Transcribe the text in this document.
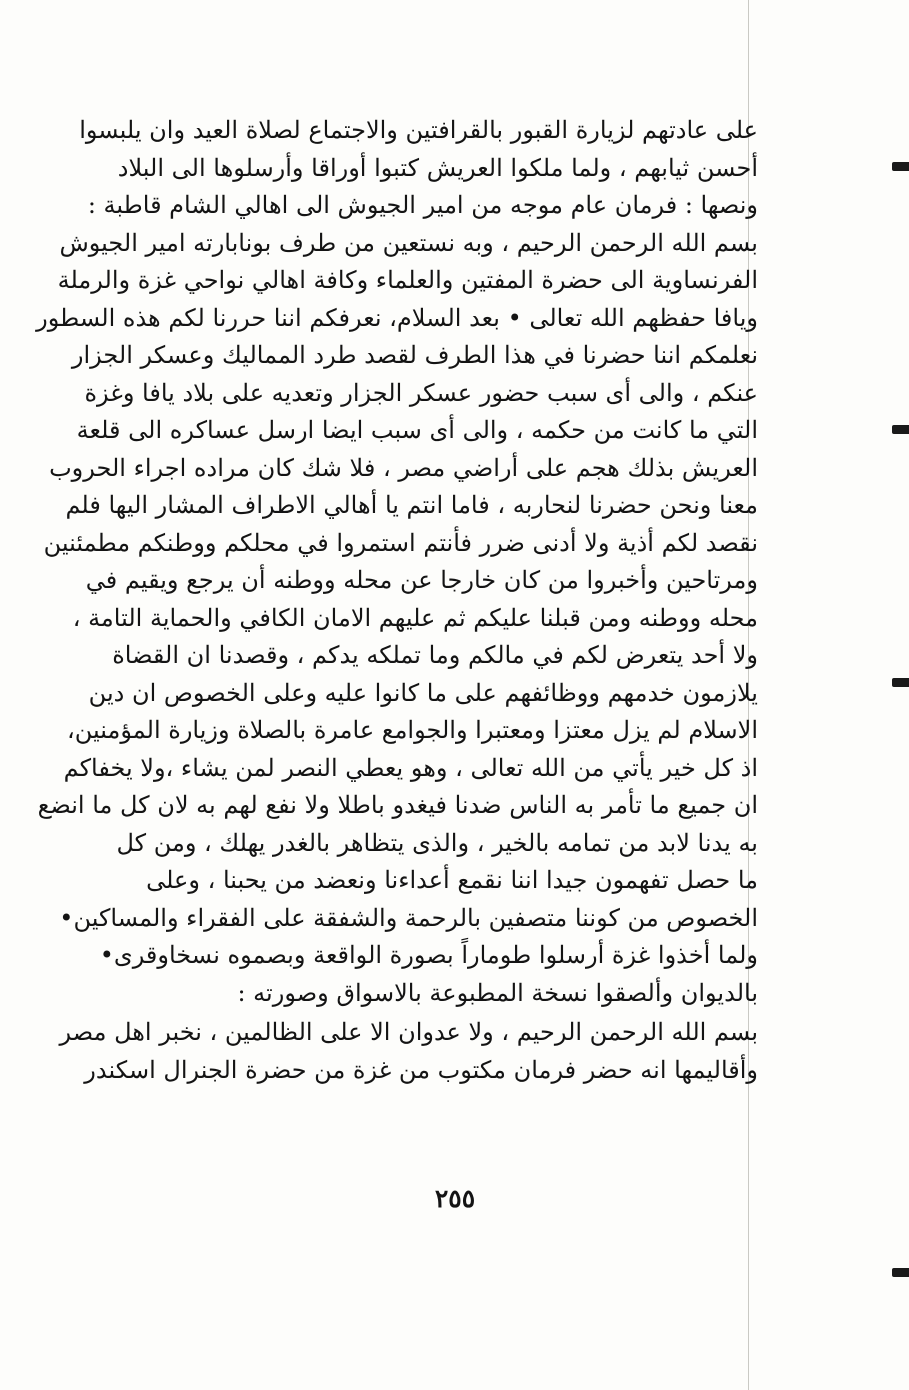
على عادتهم لزيارة القبور بالقرافتين والاجتماع لصلاة العيد وان يلبسوا
أحسن ثيابهم ، ولما ملكوا العريش كتبوا أوراقا وأرسلوها الى البلاد
ونصها : فرمان عام موجه من امير الجيوش الى اهالي الشام قاطبة :
بسم الله الرحمن الرحيم ، وبه نستعين من طرف بونابارته امير الجيوش
الفرنساوية الى حضرة المفتين والعلماء وكافة اهالي نواحي غزة والرملة
ويافا حفظهم الله تعالى • بعد السلام، نعرفكم اننا حررنا لكم هذه السطور
نعلمكم اننا حضرنا في هذا الطرف لقصد طرد المماليك وعسكر الجزار
عنكم ، والى أى سبب حضور عسكر الجزار وتعديه على بلاد يافا وغزة
التي ما كانت من حكمه ، والى أى سبب ايضا ارسل عساكره الى قلعة
العريش بذلك هجم على أراضي مصر ، فلا شك كان مراده اجراء الحروب
معنا ونحن حضرنا لنحاربه ، فاما انتم يا أهالي الاطراف المشار اليها فلم
نقصد لكم أذية ولا أدنى ضرر فأنتم استمروا في محلكم ووطنكم مطمئنين
ومرتاحين وأخبروا من كان خارجا عن محله ووطنه أن يرجع ويقيم في
محله ووطنه ومن قبلنا عليكم ثم عليهم الامان الكافي والحماية التامة ،
ولا أحد يتعرض لكم في مالكم وما تملكه يدكم ، وقصدنا ان القضاة
يلازمون خدمهم ووظائفهم على ما كانوا عليه وعلى الخصوص ان دين
الاسلام لم يزل معتزا ومعتبرا والجوامع عامرة بالصلاة وزيارة المؤمنين،
اذ كل خير يأتي من الله تعالى ، وهو يعطي النصر لمن يشاء ،ولا يخفاكم
ان جميع ما تأمر به الناس ضدنا فيغدو باطلا ولا نفع لهم به لان كل ما انضع
به يدنا لابد من تمامه بالخير ، والذى يتظاهر بالغدر يهلك ، ومن كل
ما حصل تفهمون جيدا اننا نقمع أعداءنا ونعضد من يحبنا ، وعلى
الخصوص من كوننا متصفين بالرحمة والشفقة على الفقراء والمساكين•
ولما أخذوا غزة أرسلوا طوماراً بصورة الواقعة وبصموه نسخاوقرى•
بالديوان وألصقوا نسخة المطبوعة بالاسواق وصورته :
بسم الله الرحمن الرحيم ، ولا عدوان الا على الظالمين ، نخبر اهل مصر
وأقاليمها انه حضر فرمان مكتوب من غزة من حضرة الجنرال اسكندر
٢٥٥
